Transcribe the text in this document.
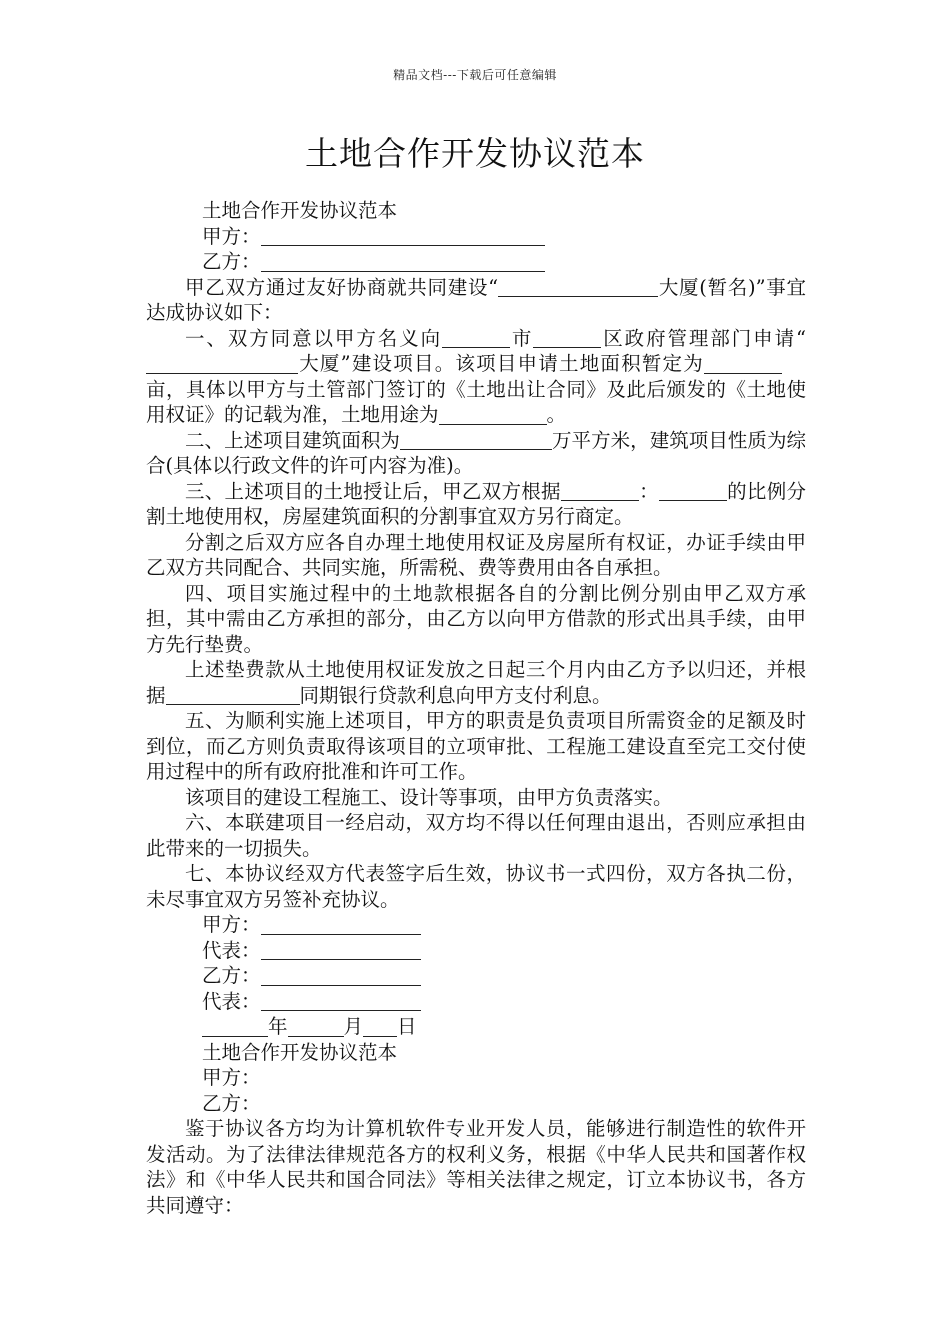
精品文档---下载后可任意编辑
土地合作开发协议范本
土地合作开发协议范本
甲方：
乙方：

甲乙双方通过友好协商就共同建设“	大厦(暂名)”事宜达成协议如下：

一、双方同意以甲方名义向	市	区政府管理部门申请“大厦”建设项目。该项目申请土地面积暂定为亩，具体以甲方与土管部门签订的《土地出让合同》及此后颁发的《土地使用权证》的记载为准，土地用途为	。

二、上述项目建筑面积为	万平方米，建筑项目性质为综合(具体以行政文件的许可内容为准)。

三、上述项目的土地授让后，甲乙双方根据	：	的比例分割土地使用权，房屋建筑面积的分割事宜双方另行商定。

分割之后双方应各自办理土地使用权证及房屋所有权证，办证手续由甲乙双方共同配合、共同实施，所需税、费等费用由各自承担。

四、项目实施过程中的土地款根据各自的分割比例分别由甲乙双方承担，其中需由乙方承担的部分，由乙方以向甲方借款的形式出具手续，由甲方先行垫费。

上述垫费款从土地使用权证发放之日起三个月内由乙方予以归还，并根据	同期银行贷款利息向甲方支付利息。

五、为顺利实施上述项目，甲方的职责是负责项目所需资金的足额及时到位，而乙方则负责取得该项目的立项审批、工程施工建设直至完工交付使用过程中的所有政府批准和许可工作。

该项目的建设工程施工、设计等事项，由甲方负责落实。

六、本联建项目一经启动，双方均不得以任何理由退出，否则应承担由此带来的一切损失。

七、本协议经双方代表签字后生效，协议书一式四份，双方各执二份，未尽事宜双方另签补充协议。

甲方：
代表：
乙方：
代表：
年	月 日
土地合作开发协议范本
甲方：
乙方：

鉴于协议各方均为计算机软件专业开发人员，能够进行制造性的软件开发活动。为了法律法律规范各方的权利义务，根据《中华人民共和国著作权法》和《中华人民共和国合同法》等相关法律之规定，订立本协议书，各方共同遵守：
